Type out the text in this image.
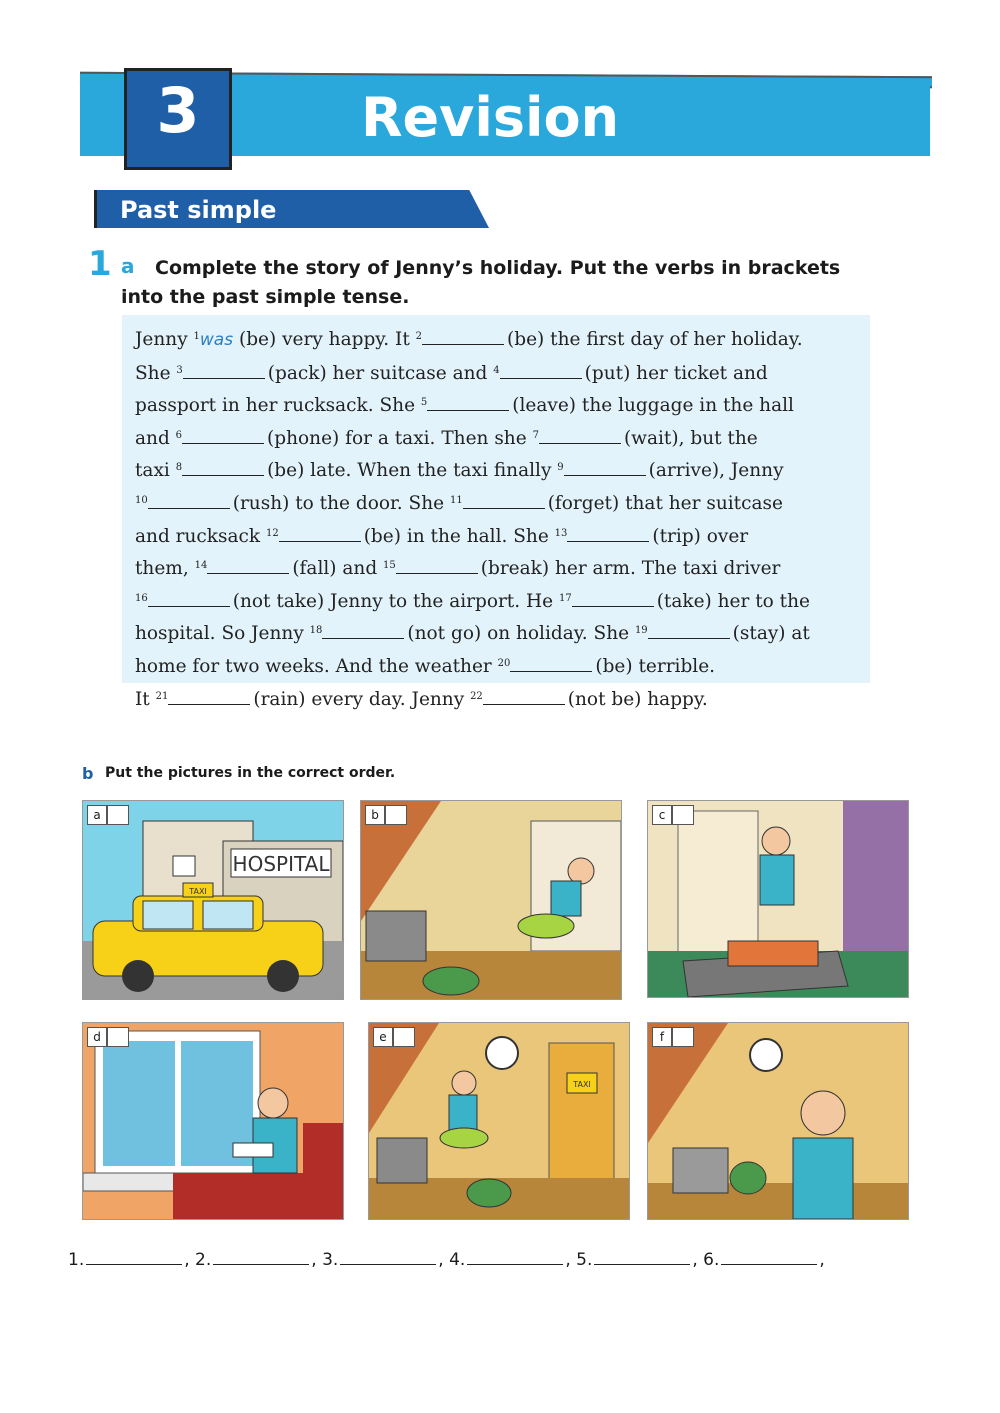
3	Revision
Past simple
1 a	Complete the story of Jenny’s holiday. Put the verbs in brackets into the past simple tense.
Jenny $^1$was (be) very happy. It $^2$	(be) the first day of her holiday.
She $^3$	(pack) her suitcase and $^4$	(put) her ticket and
passport in her rucksack. She $^5$	(leave) the luggage in the hall
and $^6$	(phone) for a taxi. Then she $^7$	(wait), but the
taxi $^8$	(be) late. When the taxi finally $^9$	(arrive), Jenny
$^{10}$	(rush) to the door. She $^{11}$	(forget) that her suitcase
and rucksack $^{12}$	(be) in the hall. She $^{13}$	(trip) over
them, $^{14}$	(fall) and $^{15}$	(break) her arm. The taxi driver
$^{16}$	(not take) Jenny to the airport. He $^{17}$	(take) her to the
hospital. So Jenny $^{18}$	(not go) on holiday. She $^{19}$	(stay) at
home for two weeks. And the weather $^{20}$	(be) terrible.
It $^{21}$	(rain) every day. Jenny $^{22}$	(not be) happy.
b Put the pictures in the correct order.
HOSPITAL
TAXI
a	b	c
d
TAXI
e	f
1.	, 2.	, 3.	, 4.	, 5.	, 6.	,
